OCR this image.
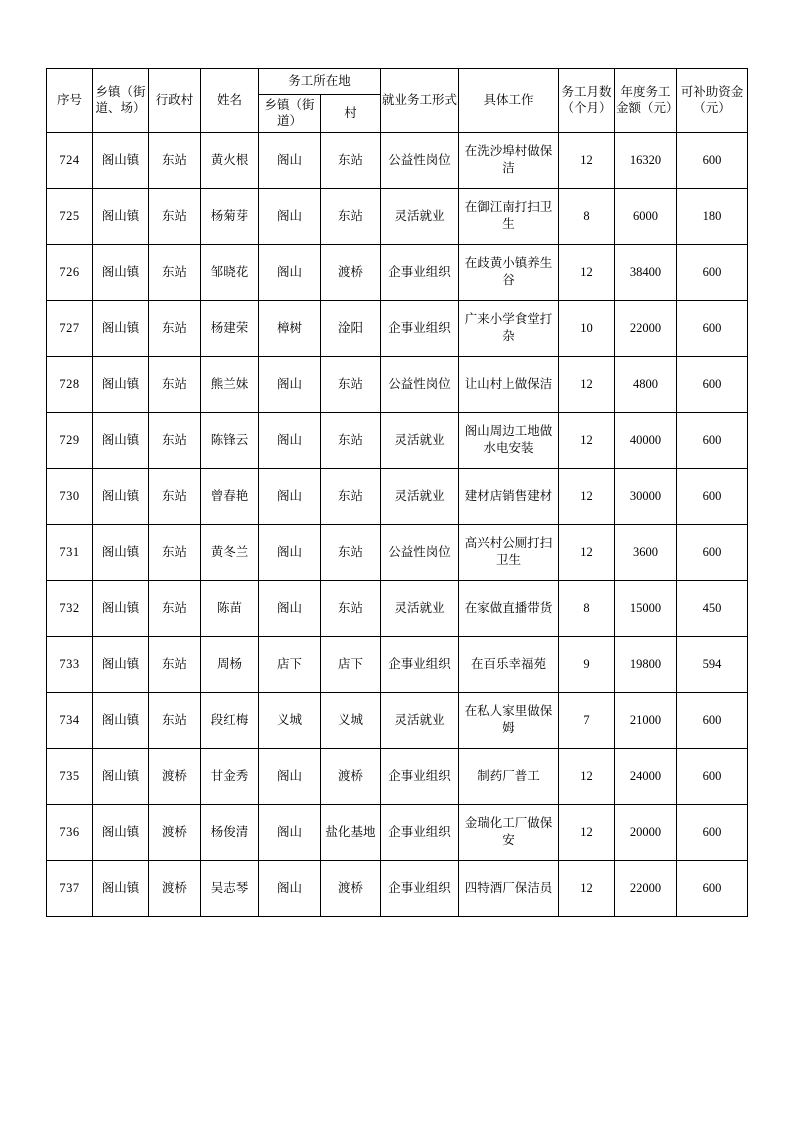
序号	乡镇（街道、场）	行政村	姓名	务工所在地		就业务工形式	具体工作	务工月数（个月）	年度务工金额（元）	可补助资金（元）
				乡镇（街道）	村					
724	阁山镇	东站	黄火根	阁山	东站	公益性岗位	在洗沙埠村做保洁	12	16320	600
725	阁山镇	东站	杨菊芽	阁山	东站	灵活就业	在御江南打扫卫生	8	6000	180
726	阁山镇	东站	邹晓花	阁山	渡桥	企事业组织	在歧黄小镇养生谷	12	38400	600
727	阁山镇	东站	杨建荣	樟树	淦阳	企事业组织	广来小学食堂打杂	10	22000	600
728	阁山镇	东站	熊兰妹	阁山	东站	公益性岗位	让山村上做保洁	12	4800	600
729	阁山镇	东站	陈锋云	阁山	东站	灵活就业	阁山周边工地做水电安装	12	40000	600
730	阁山镇	东站	曾春艳	阁山	东站	灵活就业	建材店销售建材	12	30000	600
731	阁山镇	东站	黄冬兰	阁山	东站	公益性岗位	高兴村公厕打扫卫生	12	3600	600
732	阁山镇	东站	陈苗	阁山	东站	灵活就业	在家做直播带货	8	15000	450
733	阁山镇	东站	周杨	店下	店下	企事业组织	在百乐幸福苑	9	19800	594
734	阁山镇	东站	段红梅	义城	义城	灵活就业	在私人家里做保姆	7	21000	600
735	阁山镇	渡桥	甘金秀	阁山	渡桥	企事业组织	制药厂普工	12	24000	600
736	阁山镇	渡桥	杨俊清	阁山	盐化基地	企事业组织	金瑞化工厂做保安	12	20000	600
737	阁山镇	渡桥	吴志琴	阁山	渡桥	企事业组织	四特酒厂保洁员	12	22000	600
